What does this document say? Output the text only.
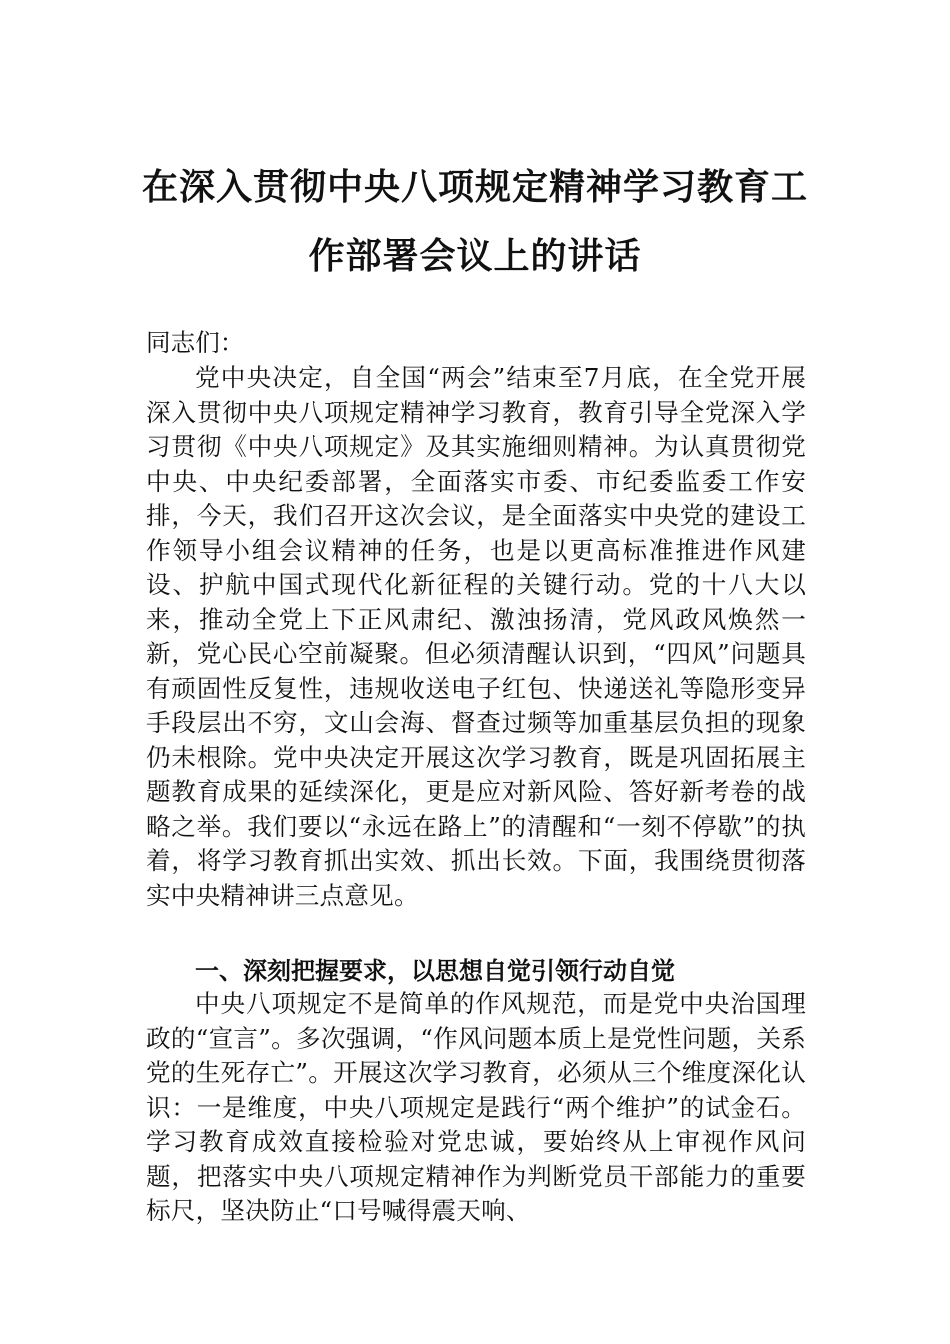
在深入贯彻中央八项规定精神学习教育工
作部署会议上的讲话
同志们：
党中央决定，自全国“两会”结束至7月底，在全党开展深入贯彻中央八项规定精神学习教育，教育引导全党深入学习贯彻《中央八项规定》及其实施细则精神。为认真贯彻党中央、中央纪委部署，全面落实市委、市纪委监委工作安排，今天，我们召开这次会议，是全面落实中央党的建设工作领导小组会议精神的任务，也是以更高标准推进作风建设、护航中国式现代化新征程的关键行动。党的十八大以来，推动全党上下正风肃纪、激浊扬清，党风政风焕然一新，党心民心空前凝聚。但必须清醒认识到，“四风”问题具有顽固性反复性，违规收送电子红包、快递送礼等隐形变异手段层出不穷，文山会海、督查过频等加重基层负担的现象仍未根除。党中央决定开展这次学习教育，既是巩固拓展主题教育成果的延续深化，更是应对新风险、答好新考卷的战略之举。我们要以“永远在路上”的清醒和“一刻不停歇”的执着，将学习教育抓出实效、抓出长效。下面，我围绕贯彻落实中央精神讲三点意见。
一、深刻把握要求，以思想自觉引领行动自觉
中央八项规定不是简单的作风规范，而是党中央治国理政的“宣言”。多次强调，“作风问题本质上是党性问题，关系党的生死存亡”。开展这次学习教育，必须从三个维度深化认识：一是维度，中央八项规定是践行“两个维护”的试金石。学习教育成效直接检验对党忠诚，要始终从上审视作风问题，把落实中央八项规定精神作为判断党员干部能力的重要标尺，坚决防止“口号喊得震天响、
